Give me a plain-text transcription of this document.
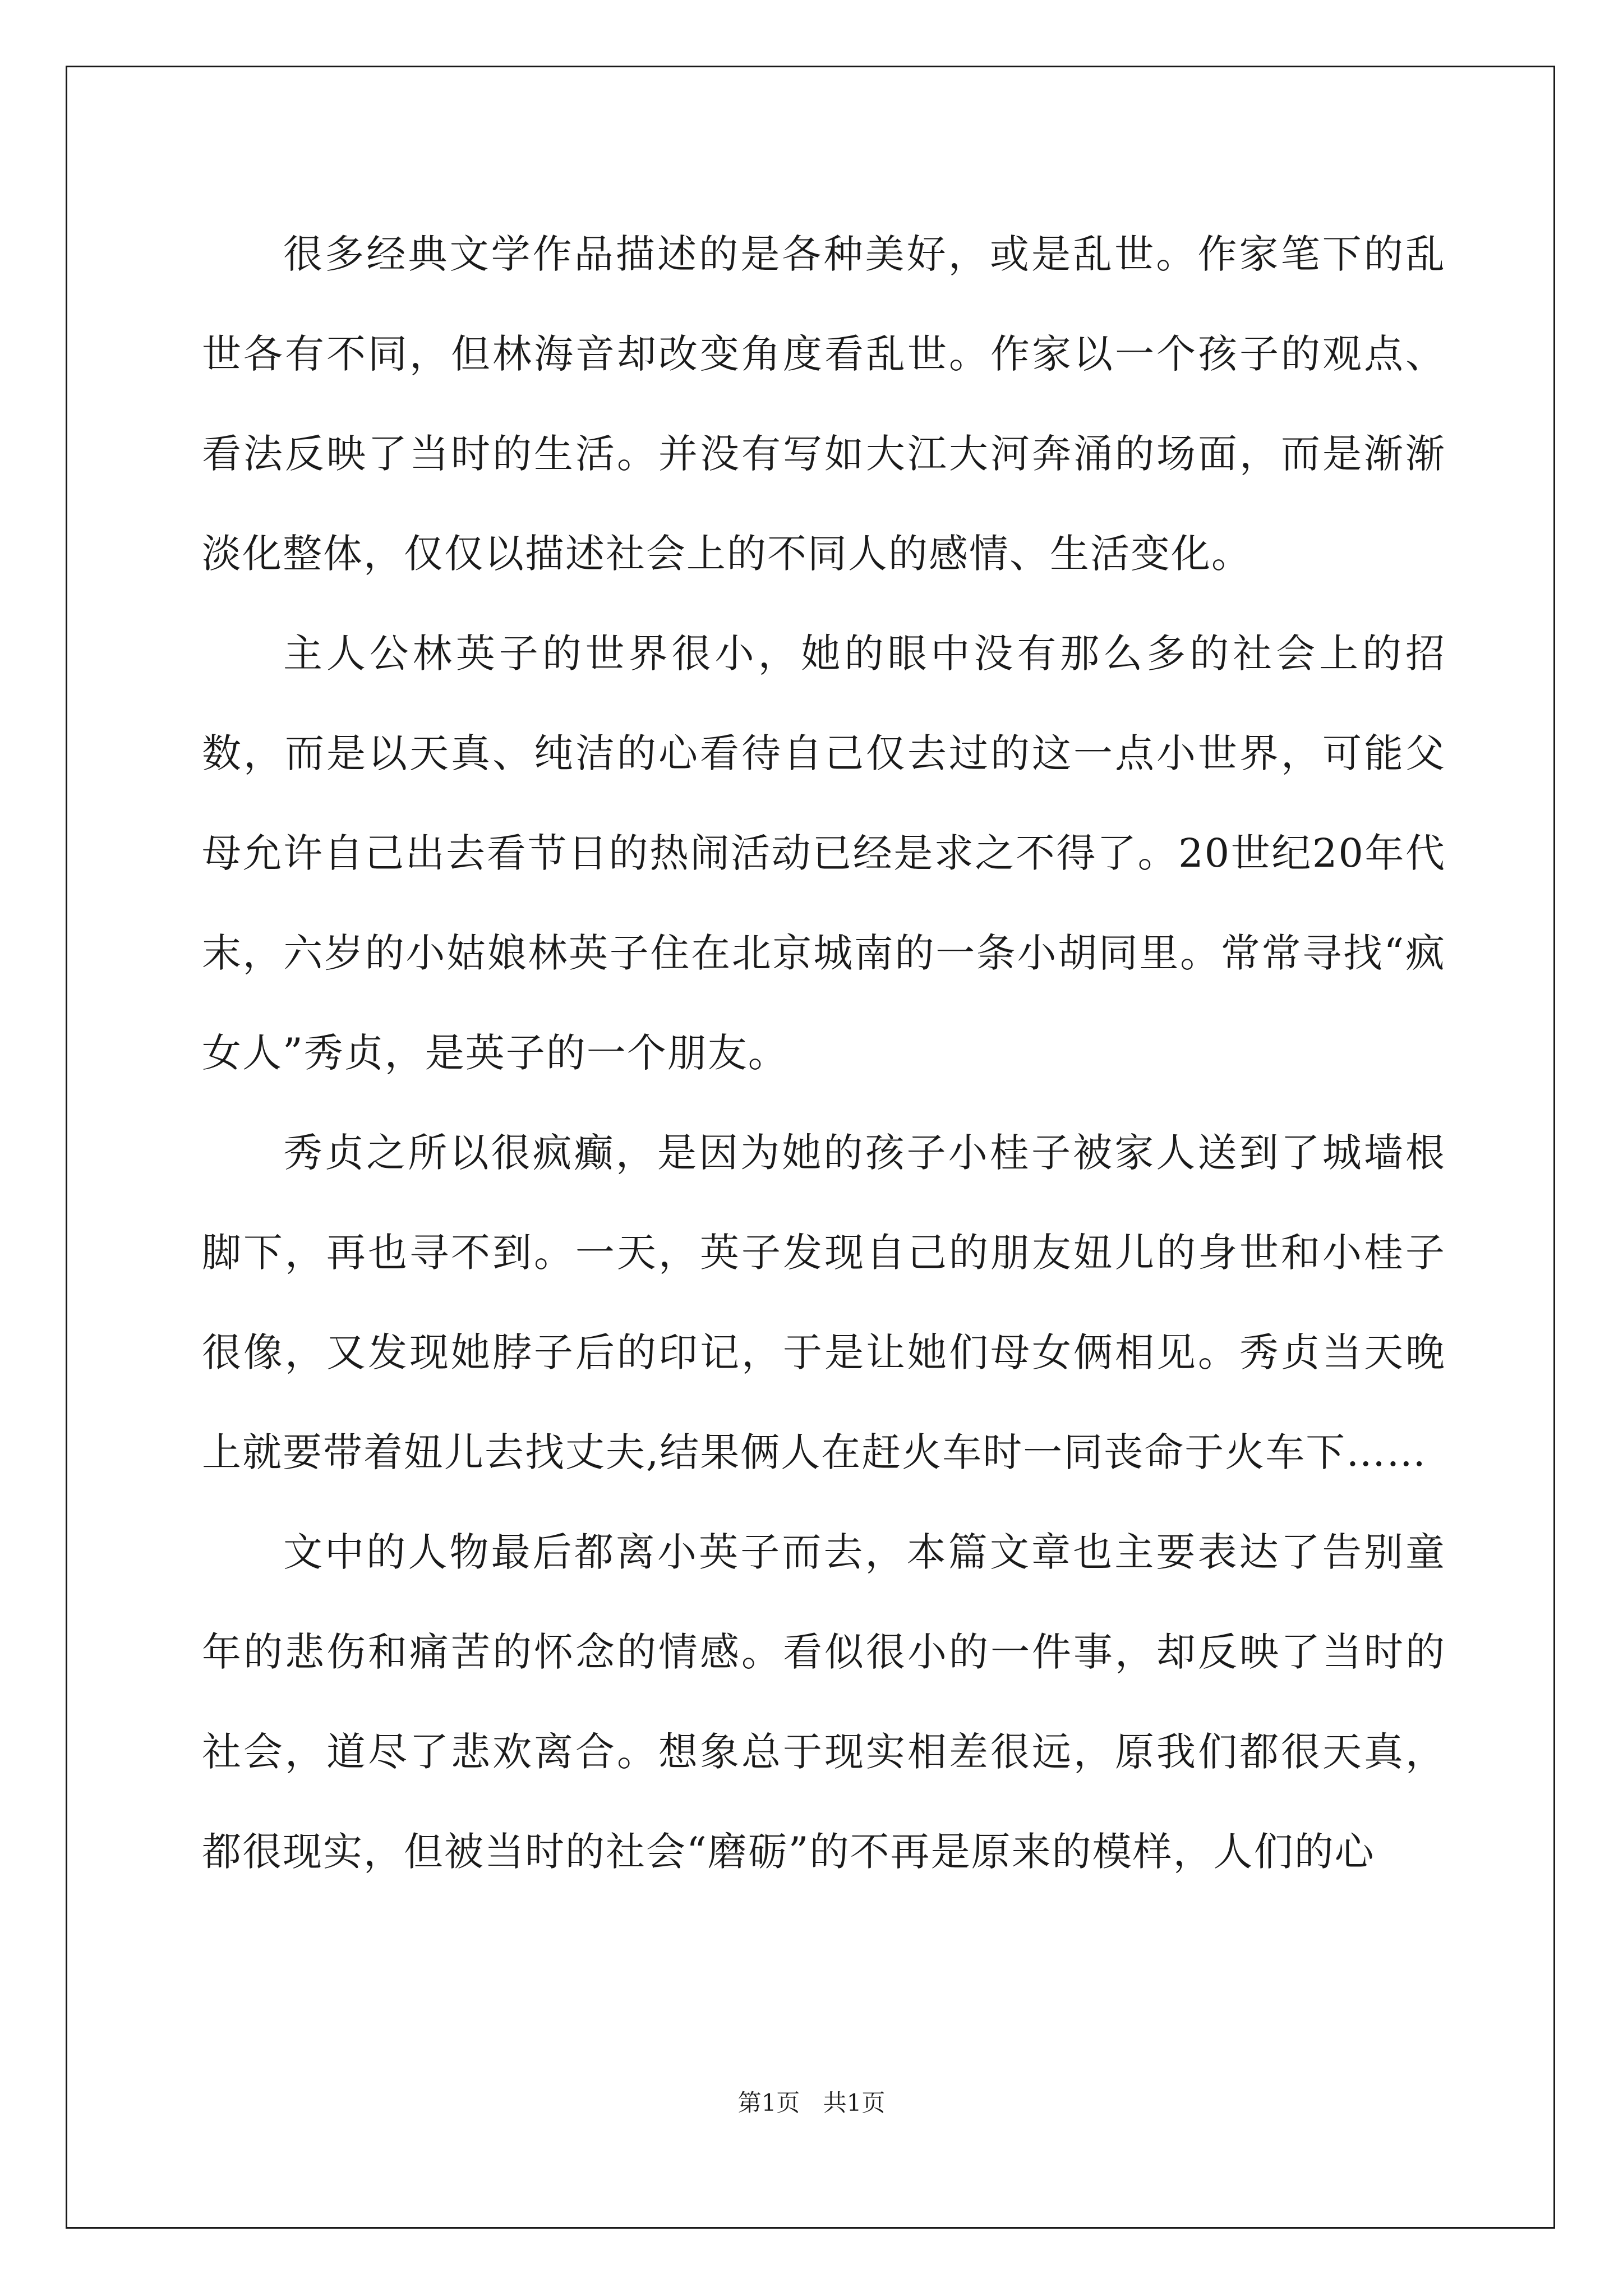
很多经典文学作品描述的是各种美好，或是乱世。作家笔下的乱世各有不同，但林海音却改变角度看乱世。作家以一个孩子的观点、看法反映了当时的生活。并没有写如大江大河奔涌的场面，而是渐渐淡化整体，仅仅以描述社会上的不同人的感情、生活变化。

主人公林英子的世界很小，她的眼中没有那么多的社会上的招数，而是以天真、纯洁的心看待自己仅去过的这一点小世界，可能父母允许自己出去看节日的热闹活动已经是求之不得了。20世纪20年代末，六岁的小姑娘林英子住在北京城南的一条小胡同里。常常寻找“疯女人”秀贞，是英子的一个朋友。

秀贞之所以很疯癫，是因为她的孩子小桂子被家人送到了城墙根脚下，再也寻不到。一天，英子发现自己的朋友妞儿的身世和小桂子很像，又发现她脖子后的印记，于是让她们母女俩相见。秀贞当天晚上就要带着妞儿去找丈夫,结果俩人在赶火车时一同丧命于火车下……

文中的人物最后都离小英子而去，本篇文章也主要表达了告别童年的悲伤和痛苦的怀念的情感。看似很小的一件事，却反映了当时的社会，道尽了悲欢离合。想象总于现实相差很远，原我们都很天真，都很现实，但被当时的社会“磨砺”的不再是原来的模样，人们的心

第1页 共1页
